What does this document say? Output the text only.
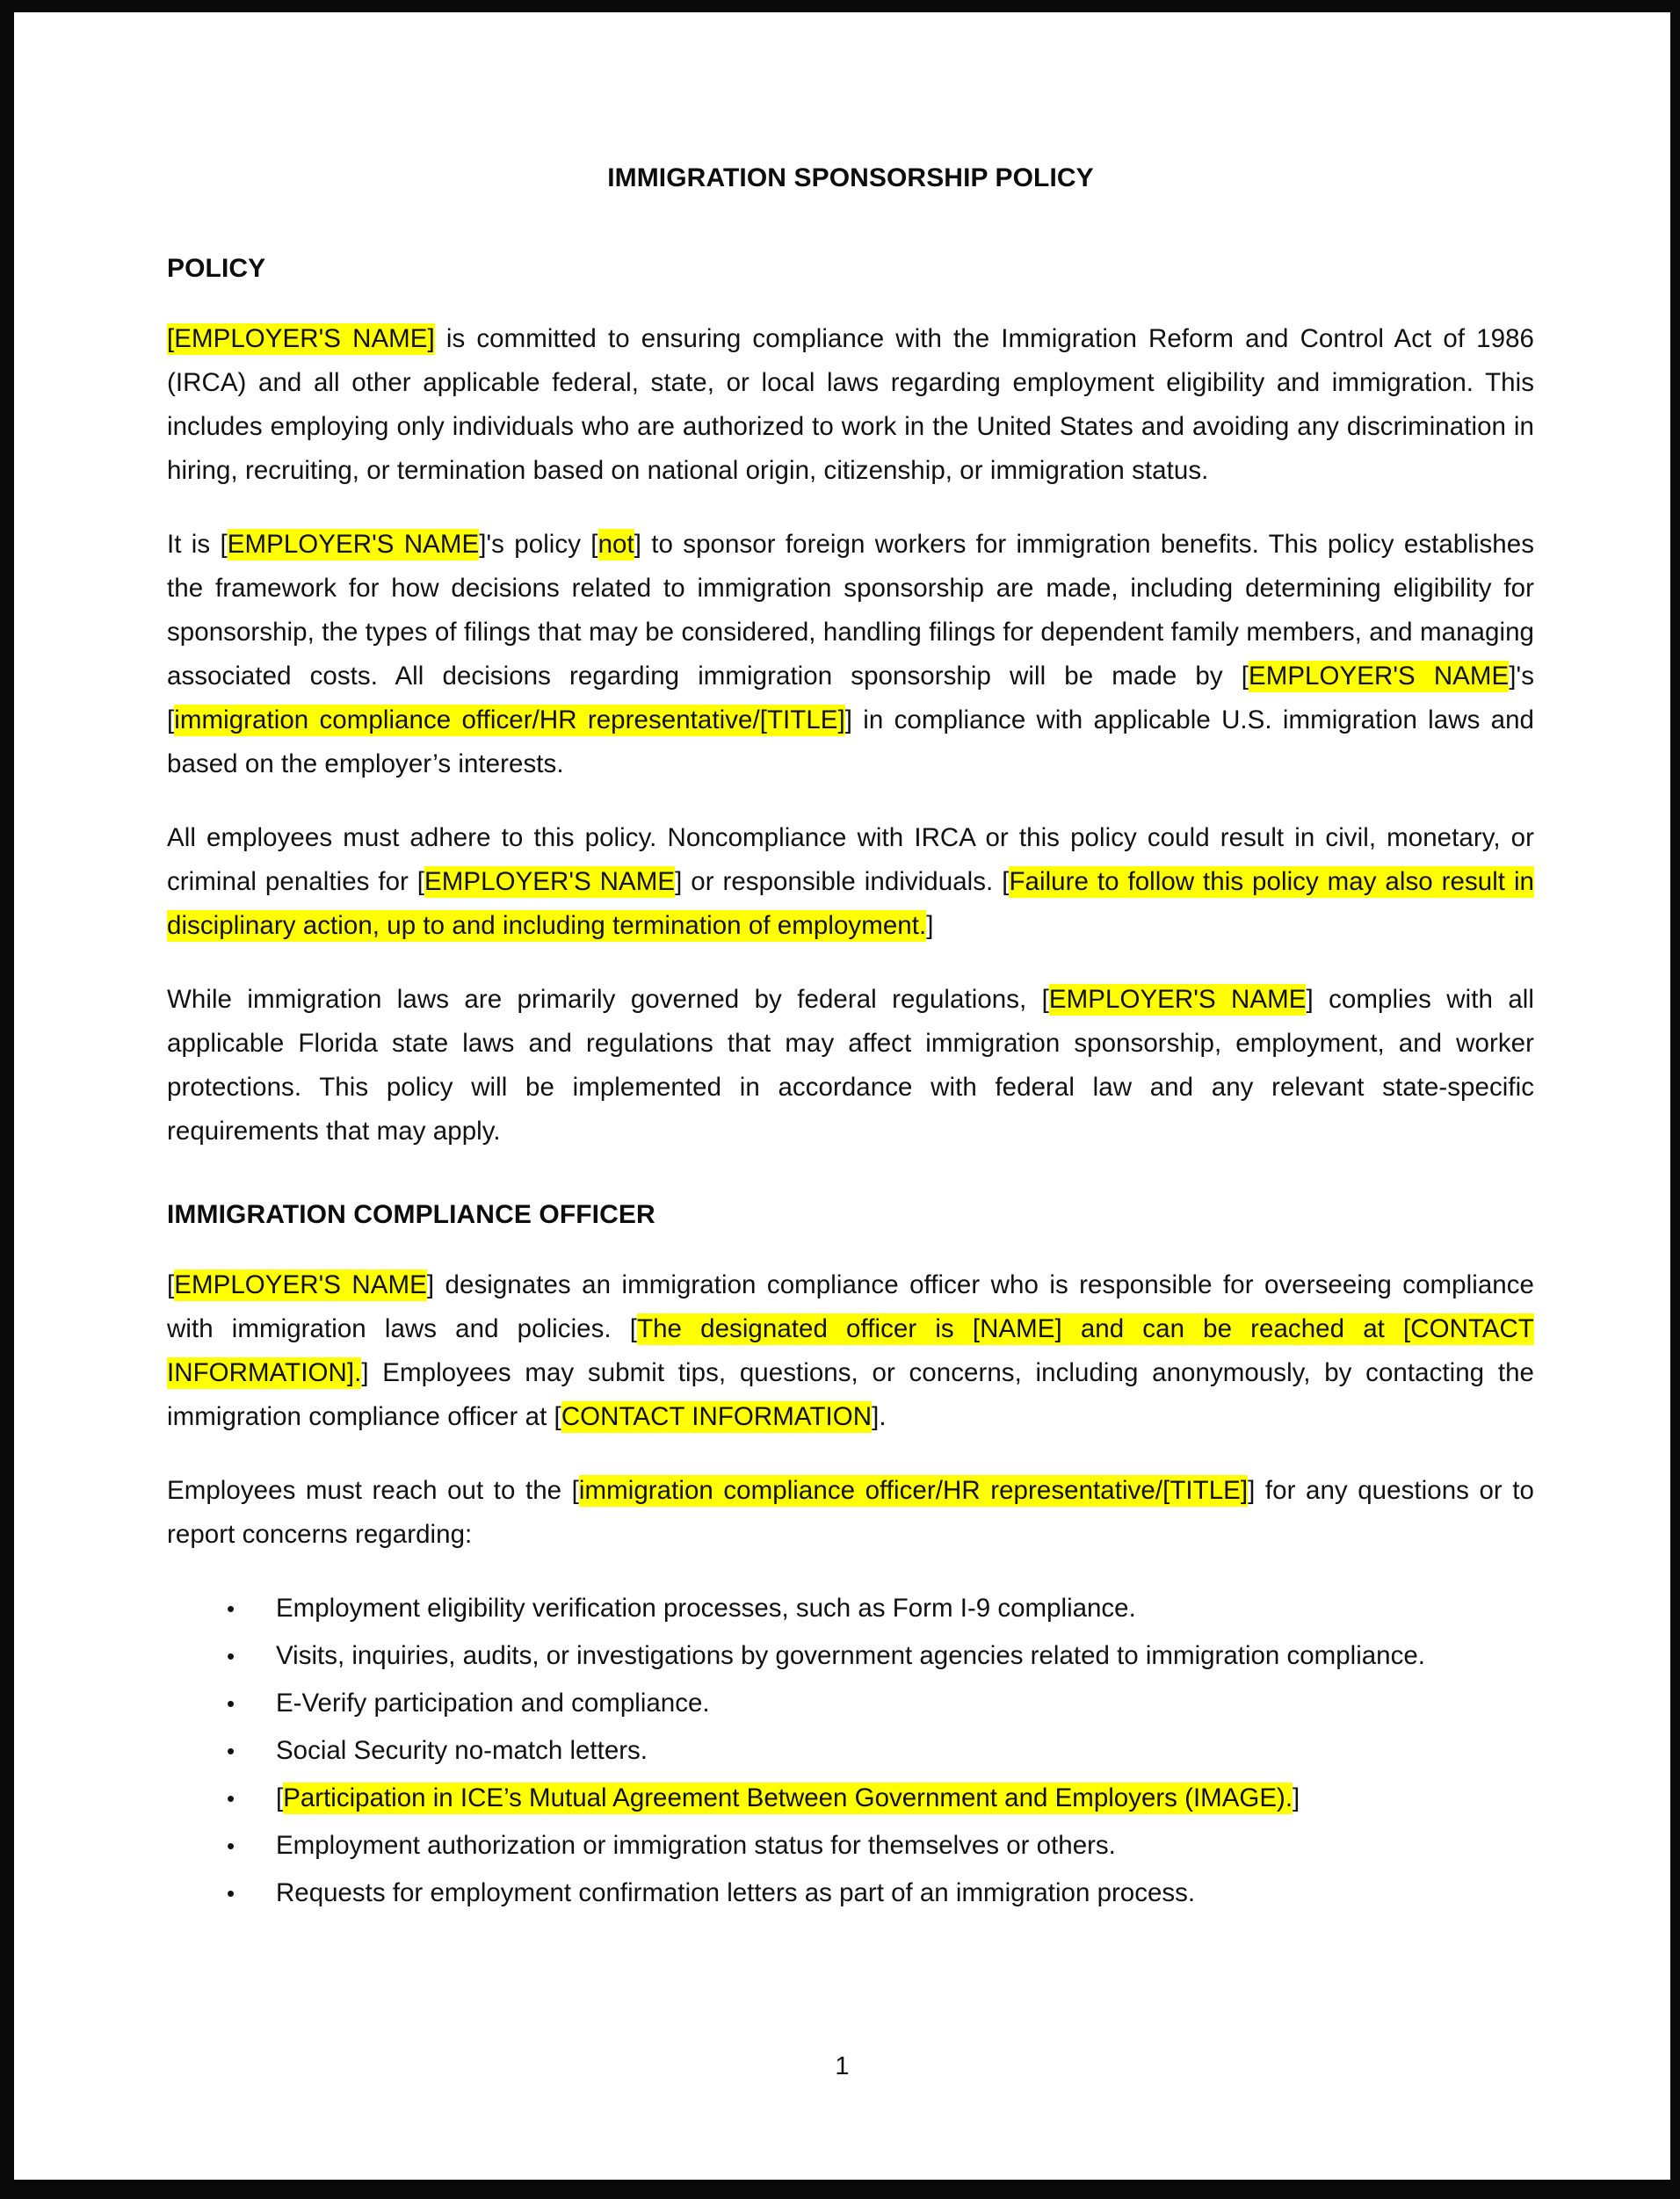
IMMIGRATION SPONSORSHIP POLICY
POLICY

[EMPLOYER'S NAME] is committed to ensuring compliance with the Immigration Reform and Control Act of 1986 (IRCA) and all other applicable federal, state, or local laws regarding employment eligibility and immigration. This includes employing only individuals who are authorized to work in the United States and avoiding any discrimination in hiring, recruiting, or termination based on national origin, citizenship, or immigration status.

It is [EMPLOYER'S NAME]'s policy [not] to sponsor foreign workers for immigration benefits. This policy establishes the framework for how decisions related to immigration sponsorship are made, including determining eligibility for sponsorship, the types of filings that may be considered, handling filings for dependent family members, and managing associated costs. All decisions regarding immigration sponsorship will be made by [EMPLOYER'S NAME]'s [immigration compliance officer/HR representative/[TITLE]] in compliance with applicable U.S. immigration laws and based on the employer’s interests.

All employees must adhere to this policy. Noncompliance with IRCA or this policy could result in civil, monetary, or criminal penalties for [EMPLOYER'S NAME] or responsible individuals. [Failure to follow this policy may also result in disciplinary action, up to and including termination of employment.]

While immigration laws are primarily governed by federal regulations, [EMPLOYER'S NAME] complies with all applicable Florida state laws and regulations that may affect immigration sponsorship, employment, and worker protections. This policy will be implemented in accordance with federal law and any relevant state-specific requirements that may apply.

IMMIGRATION COMPLIANCE OFFICER

[EMPLOYER'S NAME] designates an immigration compliance officer who is responsible for overseeing compliance with immigration laws and policies. [The designated officer is [NAME] and can be reached at [CONTACT INFORMATION].] Employees may submit tips, questions, or concerns, including anonymously, by contacting the immigration compliance officer at [CONTACT INFORMATION].

Employees must reach out to the [immigration compliance officer/HR representative/[TITLE]] for any questions or to report concerns regarding:

•	Employment eligibility verification processes, such as Form I-9 compliance.
•	Visits, inquiries, audits, or investigations by government agencies related to immigration compliance.
•	E-Verify participation and compliance.
•	Social Security no-match letters.
•	[Participation in ICE’s Mutual Agreement Between Government and Employers (IMAGE).]
•	Employment authorization or immigration status for themselves or others.
•	Requests for employment confirmation letters as part of an immigration process.
1
